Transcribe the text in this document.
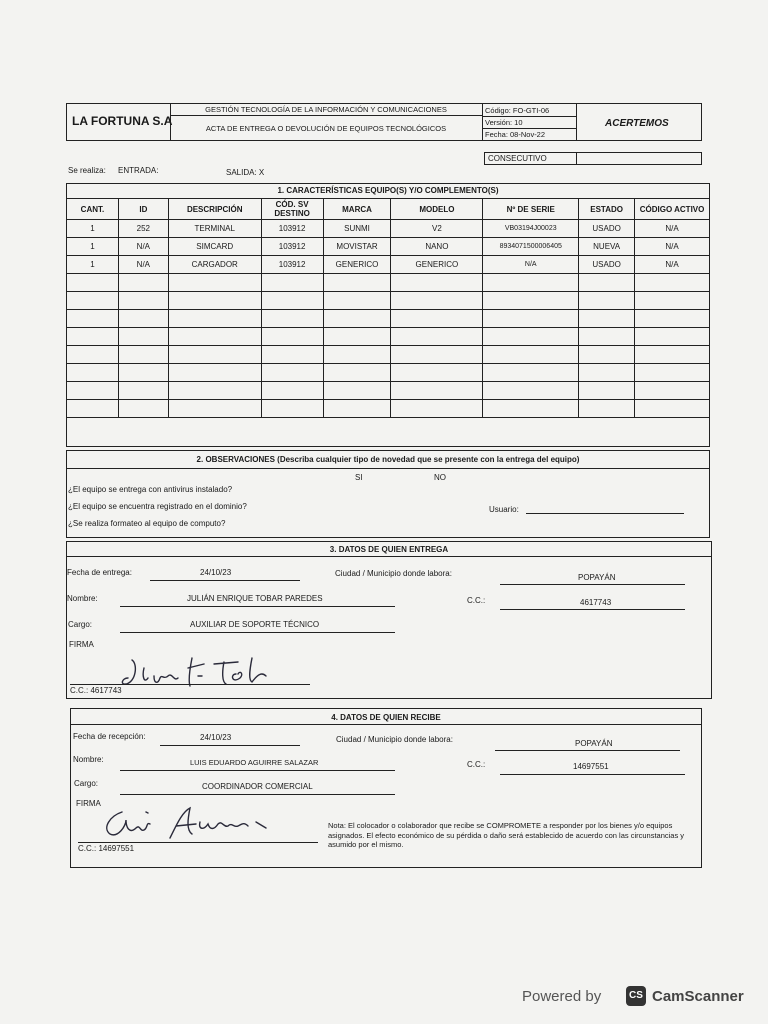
LA FORTUNA S.A
GESTIÓN TECNOLOGÍA DE LA INFORMACIÓN Y COMUNICACIONES
ACTA DE ENTREGA O DEVOLUCIÓN DE EQUIPOS TECNOLÓGICOS
Código: FO-GTI-06
Versión: 10
Fecha: 08-Nov-22
ACERTEMOS
CONSECUTIVO
Se realiza: ENTRADA:	SALIDA: X
1. CARACTERÍSTICAS EQUIPO(S) Y/O COMPLEMENTO(S)
CANT.	ID	DESCRIPCIÓN	CÓD. SV DESTINO	MARCA	MODELO	Nº DE SERIE	ESTADO	CÓDIGO ACTIVO
1	252	TERMINAL	103912	SUNMI	V2	VB03194J00023	USADO	N/A
1	N/A	SIMCARD	103912	MOVISTAR	NANO	8934071500006405	NUEVA	N/A
1	N/A	CARGADOR	103912	GENERICO	GENERICO	N/A	USADO	N/A

2. OBSERVACIONES (Describa cualquier tipo de novedad que se presente con la entrega del equipo)
SI	NO
¿El equipo se entrega con antivirus instalado?
¿El equipo se encuentra registrado en el dominio?
¿Se realiza formateo al equipo de computo?
Usuario:
3. DATOS DE QUIEN ENTREGA
Fecha de entrega:	24/10/23	Ciudad / Municipio donde labora:	POPAYÁN
Nombre:	JULIÁN ENRIQUE TOBAR PAREDES	C.C.:	4617743
Cargo:	AUXILIAR DE SOPORTE TÉCNICO
FIRMA
C.C.: 4617743
4. DATOS DE QUIEN RECIBE
Fecha de recepción:	24/10/23	Ciudad / Municipio donde labora:	POPAYÁN
Nombre:	LUIS EDUARDO AGUIRRE SALAZAR	C.C.:	14697551
Cargo:	COORDINADOR COMERCIAL
FIRMA
C.C.: 14697551
Nota: El colocador o colaborador que recibe se COMPROMETE a responder por los bienes y/o equipos asignados. El efecto económico de su pérdida o daño será establecido de acuerdo con las circunstancias y asumido por el mismo.
Powered by	CS CamScanner
